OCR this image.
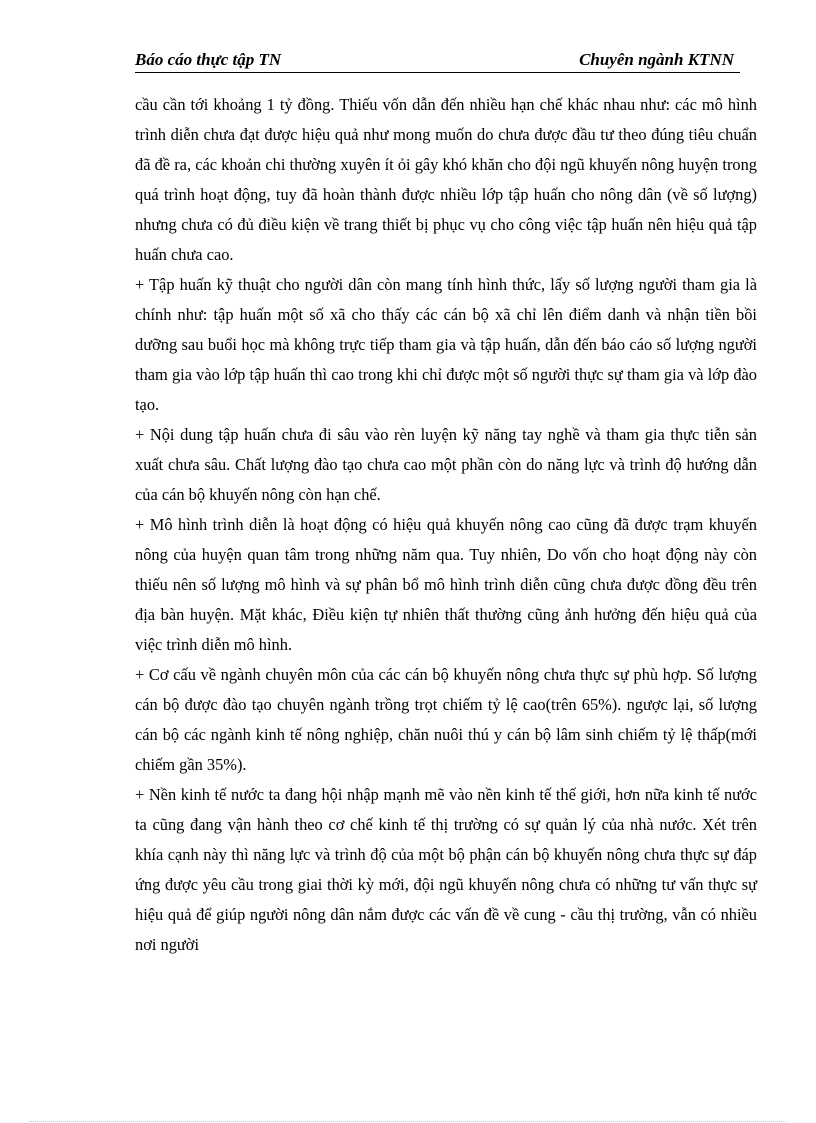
Báo cáo thực tập TN	Chuyên ngành KTNN

cầu cần tới khoảng 1 tỷ đồng. Thiếu vốn dẫn đến nhiều hạn chế khác nhau như: các mô hình trình diễn chưa đạt được hiệu quả như mong muốn do chưa được đầu tư theo đúng tiêu chuẩn đã đề ra, các khoản chi thường xuyên ít ỏi gây khó khăn cho đội ngũ khuyến nông huyện trong quá trình hoạt động, tuy đã hoàn thành được nhiều lớp tập huấn cho nông dân (về số lượng) nhưng chưa có đủ điều kiện về trang thiết bị phục vụ cho công việc tập huấn nên hiệu quả tập huấn chưa cao.

+ Tập huấn kỹ thuật cho người dân còn mang tính hình thức, lấy số lượng người tham gia là chính như: tập huấn một số xã cho thấy các cán bộ xã chỉ lên điểm danh và nhận tiền bồi dưỡng sau buổi học mà không trực tiếp tham gia và tập huấn, dẫn đến báo cáo số lượng người tham gia vào lớp tập huấn thì cao trong khi chỉ được một số người thực sự tham gia và lớp đào tạo.

+ Nội dung tập huấn chưa đi sâu vào rèn luyện kỹ năng tay nghề và tham gia thực tiễn sản xuất chưa sâu. Chất lượng đào tạo chưa cao một phần còn do năng lực và trình độ hướng dẫn của cán bộ khuyến nông còn hạn chế.

+ Mô hình trình diễn là hoạt động có hiệu quả khuyến nông cao cũng đã được trạm khuyến nông của huyện quan tâm trong những năm qua. Tuy nhiên, Do vốn cho hoạt động này còn thiếu nên số lượng mô hình và sự phân bổ mô hình trình diễn cũng chưa được đồng đều trên địa bàn huyện. Mặt khác, Điều kiện tự nhiên thất thường cũng ảnh hưởng đến hiệu quả của việc trình diễn mô hình.

+ Cơ cấu về ngành chuyên môn của các cán bộ khuyến nông chưa thực sự phù hợp. Số lượng cán bộ được đào tạo chuyên ngành trồng trọt chiếm tỷ lệ cao(trên 65%). ngược lại, số lượng cán bộ các ngành kinh tế nông nghiệp, chăn nuôi thú y cán bộ lâm sinh chiếm tỷ lệ thấp(mới chiếm gần 35%).

+ Nền kinh tế nước ta đang hội nhập mạnh mẽ vào nền kinh tế thế giới, hơn nữa kinh tế nước ta cũng đang vận hành theo cơ chế kinh tế thị trường có sự quản lý của nhà nước. Xét trên khía cạnh này thì năng lực và trình độ của một bộ phận cán bộ khuyến nông chưa thực sự đáp ứng được yêu cầu trong giai thời kỳ mới, đội ngũ khuyến nông chưa có những tư vấn thực sự hiệu quả để giúp người nông dân nắm được các vấn đề về cung - cầu thị trường, vẫn có nhiều nơi người
